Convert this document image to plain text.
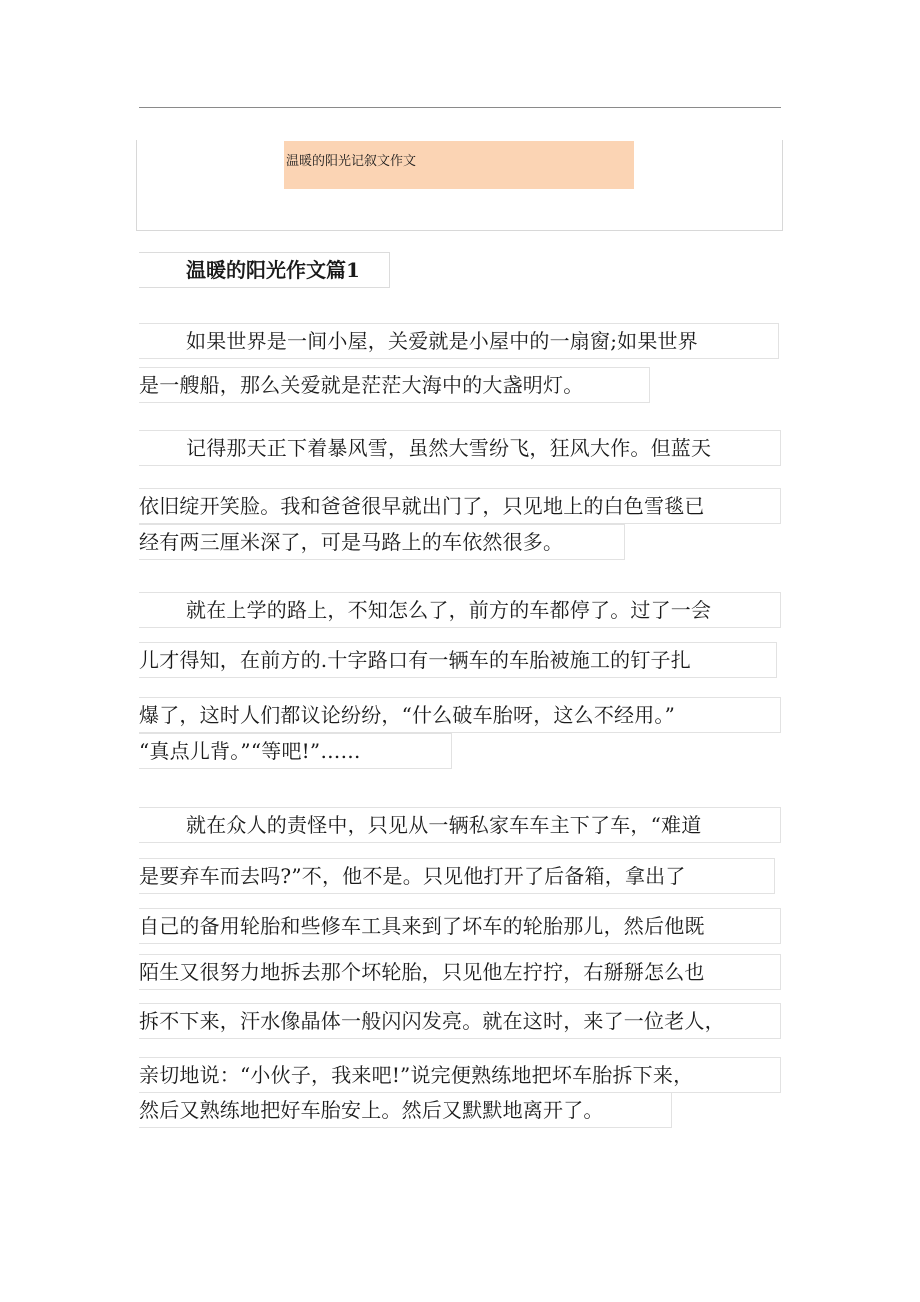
温暖的阳光记叙文作文
温暖的阳光作文篇1
如果世界是一间小屋，关爱就是小屋中的一扇窗;如果世界
是一艘船，那么关爱就是茫茫大海中的大盏明灯。
记得那天正下着暴风雪，虽然大雪纷飞，狂风大作。但蓝天
依旧绽开笑脸。我和爸爸很早就出门了，只见地上的白色雪毯已
经有两三厘米深了，可是马路上的车依然很多。
就在上学的路上，不知怎么了，前方的车都停了。过了一会
儿才得知，在前方的.十字路口有一辆车的车胎被施工的钉子扎
爆了，这时人们都议论纷纷，“什么破车胎呀，这么不经用。”
“真点儿背。”“等吧!”……
就在众人的责怪中，只见从一辆私家车车主下了车，“难道
是要弃车而去吗?”不，他不是。只见他打开了后备箱，拿出了
自己的备用轮胎和些修车工具来到了坏车的轮胎那儿，然后他既
陌生又很努力地拆去那个坏轮胎，只见他左拧拧，右掰掰怎么也
拆不下来，汗水像晶体一般闪闪发亮。就在这时，来了一位老人，
亲切地说：“小伙子，我来吧!”说完便熟练地把坏车胎拆下来，
然后又熟练地把好车胎安上。然后又默默地离开了。
